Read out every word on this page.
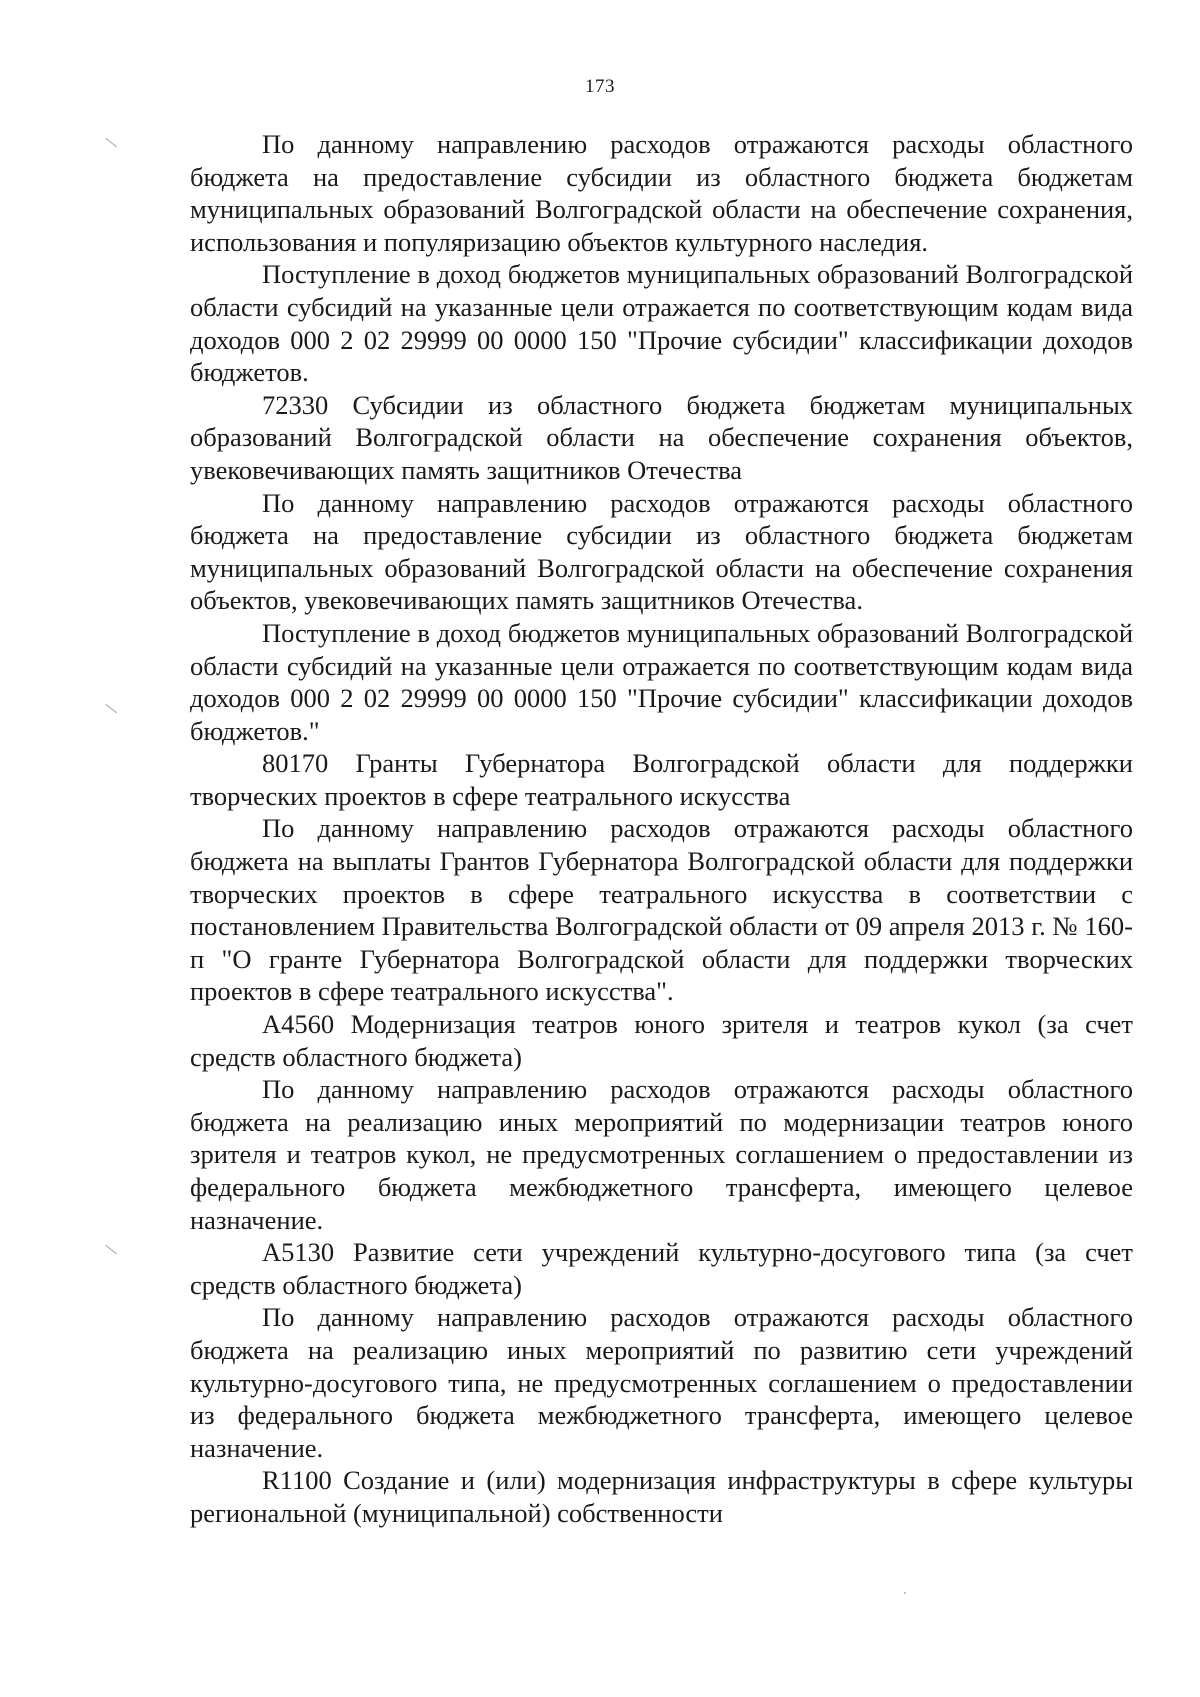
173

По данному направлению расходов отражаются расходы областного бюджета на предоставление субсидии из областного бюджета бюджетам муниципальных образований Волгоградской области на обеспечение сохранения, использования и популяризацию объектов культурного наследия.

Поступление в доход бюджетов муниципальных образований Волгоградской области субсидий на указанные цели отражается по соответствующим кодам вида доходов 000 2 02 29999 00 0000 150 "Прочие субсидии" классификации доходов бюджетов.

72330 Субсидии из областного бюджета бюджетам муниципальных образований Волгоградской области на обеспечение сохранения объектов, увековечивающих память защитников Отечества

По данному направлению расходов отражаются расходы областного бюджета на предоставление субсидии из областного бюджета бюджетам муниципальных образований Волгоградской области на обеспечение сохранения объектов, увековечивающих память защитников Отечества.

Поступление в доход бюджетов муниципальных образований Волгоградской области субсидий на указанные цели отражается по соответствующим кодам вида доходов 000 2 02 29999 00 0000 150 "Прочие субсидии" классификации доходов бюджетов."

80170 Гранты Губернатора Волгоградской области для поддержки творческих проектов в сфере театрального искусства

По данному направлению расходов отражаются расходы областного бюджета на выплаты Грантов Губернатора Волгоградской области для поддержки творческих проектов в сфере театрального искусства в соответствии с постановлением Правительства Волгоградской области от 09 апреля 2013 г. № 160-п "О гранте Губернатора Волгоградской области для поддержки творческих проектов в сфере театрального искусства".

А4560 Модернизация театров юного зрителя и театров кукол (за счет средств областного бюджета)

По данному направлению расходов отражаются расходы областного бюджета на реализацию иных мероприятий по модернизации театров юного зрителя и театров кукол, не предусмотренных соглашением о предоставлении из федерального бюджета межбюджетного трансферта, имеющего целевое назначение.

А5130 Развитие сети учреждений культурно-досугового типа (за счет средств областного бюджета)

По данному направлению расходов отражаются расходы областного бюджета на реализацию иных мероприятий по развитию сети учреждений культурно-досугового типа, не предусмотренных соглашением о предоставлении из федерального бюджета межбюджетного трансферта, имеющего целевое назначение.

R1100 Создание и (или) модернизация инфраструктуры в сфере культуры региональной (муниципальной) собственности
